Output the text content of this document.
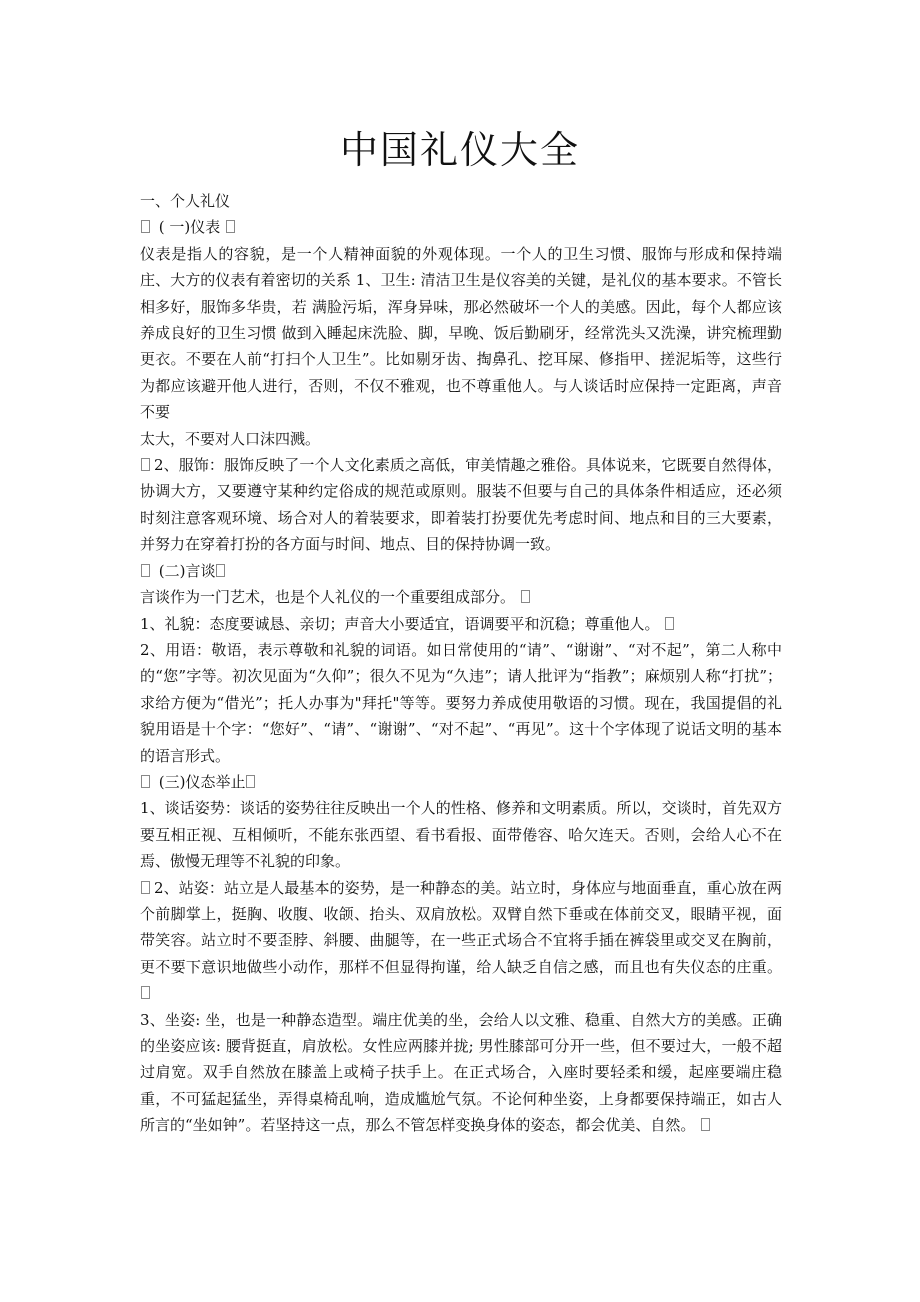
中国礼仪大全

一、个人礼仪

( 一)仪表

仪表是指人的容貌，是一个人精神面貌的外观体现。一个人的卫生习惯、服饰与形成和保持端庄、大方的仪表有着密切的关系 1、卫生: 清洁卫生是仪容美的关键，是礼仪的基本要求。不管长相多好，服饰多华贵，若 满脸污垢，浑身异味，那必然破坏一个人的美感。因此，每个人都应该养成良好的卫生习惯 做到入睡起床洗脸、脚，早晚、饭后勤刷牙，经常洗头又洗澡，讲究梳理勤更衣。不要在人前“打扫个人卫生”。比如剔牙齿、掏鼻孔、挖耳屎、修指甲、搓泥垢等，这些行为都应该避开他人进行，否则，不仅不雅观，也不尊重他人。与人谈话时应保持一定距离，声音不要

太大，不要对人口沫四溅。

2、服饰：服饰反映了一个人文化素质之高低，审美情趣之雅俗。具体说来，它既要自然得体，协调大方，又要遵守某种约定俗成的规范或原则。服装不但要与自己的具体条件相适应，还必须时刻注意客观环境、场合对人的着装要求，即着装打扮要优先考虑时间、地点和目的三大要素，并努力在穿着打扮的各方面与时间、地点、目的保持协调一致。

(二)言谈

言谈作为一门艺术，也是个人礼仪的一个重要组成部分。

1、礼貌：态度要诚恳、亲切；声音大小要适宜，语调要平和沉稳；尊重他人。

2、用语：敬语，表示尊敬和礼貌的词语。如日常使用的“请”、“谢谢”、“对不起”，第二人称中的“您”字等。初次见面为“久仰”；很久不见为“久违”；请人批评为“指教”；麻烦别人称“打扰”；求给方便为“借光”；托人办事为"拜托"等等。要努力养成使用敬语的习惯。现在，我国提倡的礼貌用语是十个字：“您好”、“请”、“谢谢”、“对不起”、“再见”。这十个字体现了说话文明的基本的语言形式。

(三)仪态举止

1、谈话姿势：谈话的姿势往往反映出一个人的性格、修养和文明素质。所以，交谈时，首先双方要互相正视、互相倾听，不能东张西望、看书看报、面带倦容、哈欠连天。否则，会给人心不在焉、傲慢无理等不礼貌的印象。

2、站姿：站立是人最基本的姿势，是一种静态的美。站立时，身体应与地面垂直，重心放在两个前脚掌上，挺胸、收腹、收颌、抬头、双肩放松。双臂自然下垂或在体前交叉，眼睛平视，面带笑容。站立时不要歪脖、斜腰、曲腿等，在一些正式场合不宜将手插在裤袋里或交叉在胸前，更不要下意识地做些小动作，那样不但显得拘谨，给人缺乏自信之感，而且也有失仪态的庄重。

3、坐姿: 坐，也是一种静态造型。端庄优美的坐，会给人以文雅、稳重、自然大方的美感。正确的坐姿应该: 腰背挺直，肩放松。女性应两膝并拢; 男性膝部可分开一些，但不要过大，一般不超过肩宽。双手自然放在膝盖上或椅子扶手上。在正式场合，入座时要轻柔和缓，起座要端庄稳重，不可猛起猛坐，弄得桌椅乱响，造成尴尬气氛。不论何种坐姿，上身都要保持端正，如古人所言的“坐如钟”。若坚持这一点，那么不管怎样变换身体的姿态，都会优美、自然。
